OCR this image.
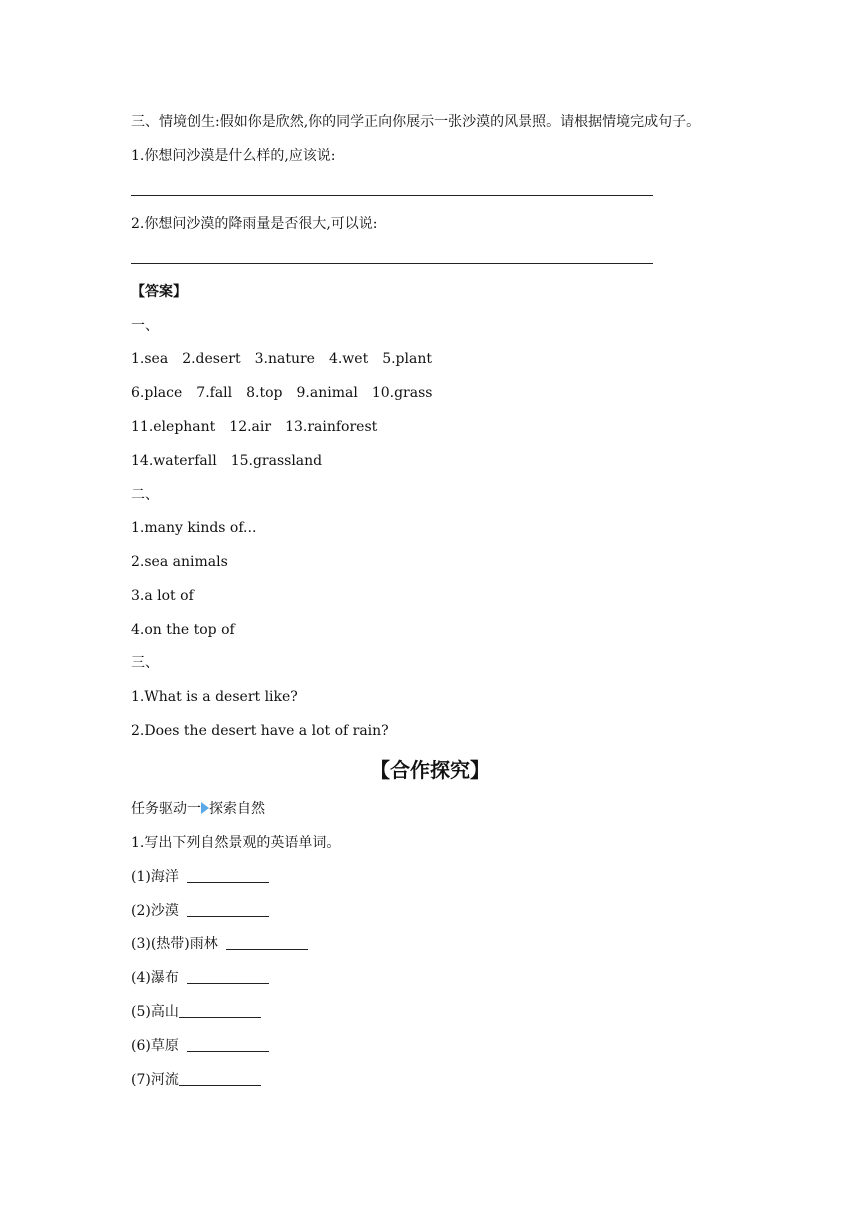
三、情境创生:假如你是欣然,你的同学正向你展示一张沙漠的风景照。请根据情境完成句子。
1.你想问沙漠是什么样的,应该说:
2.你想问沙漠的降雨量是否很大,可以说:
【答案】
一、
1.sea 2.desert 3.nature 4.wet 5.plant
6.place 7.fall 8.top 9.animal 10.grass
11.elephant 12.air 13.rainforest
14.waterfall 15.grassland
二、
1.many kinds of...
2.sea animals
3.a lot of
4.on the top of
三、
1.What is a desert like?
2.Does the desert have a lot of rain?
【合作探究】
任务驱动一 探索自然
1.写出下列自然景观的英语单词。
(1)海洋
(2)沙漠
(3)(热带)雨林
(4)瀑布
(5)高山
(6)草原
(7)河流
